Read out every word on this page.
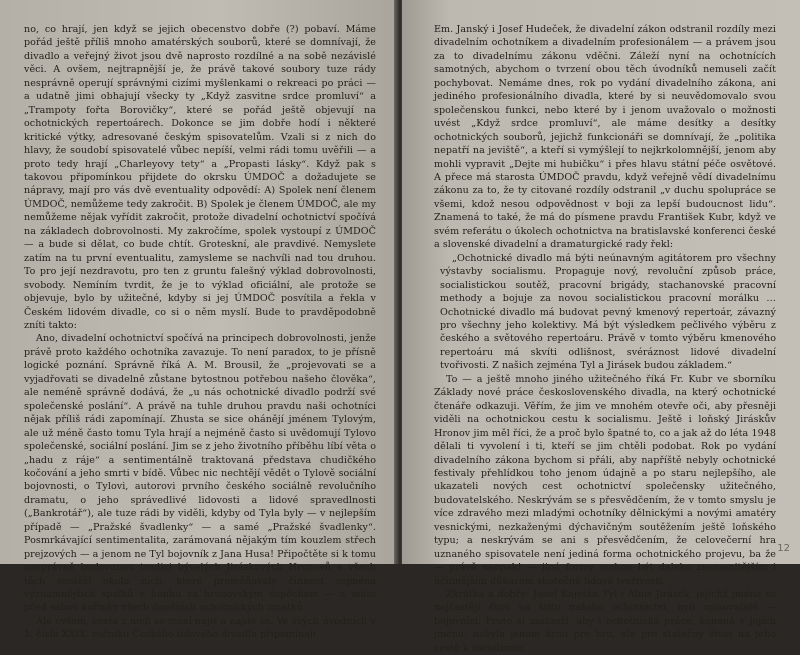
no, co hrají, jen když se jejich obecenstvo dobře (?) pobaví. Máme pořád ještě příliš mnoho amatérských souborů, které se domnívají, že divadlo a veřejný život jsou dvě naprosto rozdílné a na sobě nezávislé věci. A ovšem, nejtrapnější je, že právě takové soubory tuze rády nesprávně operují správnými cizími myšlenkami o rekreaci po práci — a udatně jimi obhajují všecky ty „Když zasvitne srdce promluví“ a „Trampoty fořta Borovičky“, které se pořád ještě objevují na ochotnických repertoárech. Dokonce se jim dobře hodí i některé kritické výtky, adresované českým spisovatelům. Vzali si z nich do hlavy, že soudobí spisovatelé vůbec nepíší, velmi rádi tomu uvěřili — a proto tedy hrají „Charleyovy tety“ a „Propasti lásky“. Když pak s takovou připomínkou přijdete do okrsku ÚMDOČ a dožadujete se nápravy, mají pro vás dvě eventuality odpovědí: A) Spolek není členem ÚMDOČ, nemůžeme tedy zakročit. B) Spolek je členem ÚMDOČ, ale my nemůžeme nějak vyřídit zakročit, protože divadelní ochotnictví spočívá na základech dobrovolnosti. My zakročíme, spolek vystoupí z ÚMDOČ — a bude si dělat, co bude chtít. Groteskní, ale pravdivé. Nemyslete zatím na tu první eventualitu, zamysleme se nachvíli nad tou druhou. To pro její nezdravotu, pro ten z gruntu falešný výklad dobrovolnosti, svobody. Nemíním tvrdit, že je to výklad oficiální, ale protože se objevuje, bylo by užitečné, kdyby si jej ÚMDOČ posvítila a řekla v Českém lidovém divadle, co si o něm myslí. Bude to pravděpodobně zníti takto:

Ano, divadelní ochotnictví spočívá na principech dobrovolnosti, jenže právě proto každého ochotníka zavazuje. To není paradox, to je přísně logické poznání. Správně říká A. M. Brousil, že „projevovati se a vyjadřovati se divadelně zůstane bytostnou potřebou našeho člověka“, ale neméně správně dodává, že „u nás ochotnické divadlo podrží své společenské poslání“. A právě na tuhle druhou pravdu naši ochotníci nějak příliš rádi zapomínají. Zhusta se sice ohánějí jménem Tylovým, ale už méně často tomu Tyla hrají a nejméně často si uvědomují Tylovo společenské, sociální poslání. Jim se z jeho životního příběhu líbí věta o „hadu z ráje“ a sentimentálně traktovaná představa chudičkého kočování a jeho smrti v bídě. Vůbec nic nechtějí vědět o Tylově sociální bojovnosti, o Tylovi, autorovi prvního českého sociálně revolučního dramatu, o jeho správedlivé lidovosti a lidové spravedlnosti („Bankrotář“), ale tuze rádi by viděli, kdyby od Tyla byly — v nejlepším případě — „Pražské švadlenky“ — a samé „Pražské švadlenky“. Posmrkávající sentimentalita, zarámovaná nějakým tím kouzlem střech prejzových — a jenom ne Tyl bojovník z Jana Husa! Připočtěte si k tomu nesprávně budovanou tradici bývalých Jiráskových Hronovů a všech těch soutěží okolo nich, které proměňovaly činnost zejména významnějších spolků v honbu za hronovským úspěchem — a máte před sebou kořínky všech dnešních ochotnických zmatků.

Ale ovšem, cesta z nich se musí najít a najde se. Ve svých úvodních v 1. čísle XXIX. ročníku Českého lidového divadla připomínají

Em. Janský i Josef Hudeček, že divadelní zákon odstranil rozdíly mezi divadelním ochotníkem a divadelním profesionálem — a právem jsou za to divadelnímu zákonu vděčni. Záleží nyní na ochotnících samotných, abychom o tvrzení obou těch úvodníků nemuseli začít pochybovat. Nemáme dnes, rok po vydání divadelního zákona, ani jediného profesionálního divadla, které by si neuvědomovalo svou společenskou funkci, nebo které by i jenom uvažovalo o možnosti uvést „Když srdce promluví“, ale máme desítky a desítky ochotnických souborů, jejichž funkcionáři se domnívají, že „politika nepatří na jeviště“, a kteří si vymýšlejí to nejkrkolomnější, jenom aby mohli vypravit „Dejte mi hubičku“ i přes hlavu státní péče osvětové. A přece má starosta ÚMDOČ pravdu, když veřejně vědí divadelnímu zákonu za to, že ty citované rozdíly odstranil „v duchu spolupráce se všemi, kdož nesou odpovědnost v boji za lepší budoucnost lidu“. Znamená to také, že má do písmene pravdu František Kubr, když ve svém referátu o úkolech ochotnictva na bratislavské konferenci české a slovenské divadelní a dramaturgické rady řekl:

„Ochotnické divadlo má býti neúnavným agitátorem pro všechny výstavby socialismu. Propaguje nový, revoluční způsob práce, socialistickou soutěž, pracovní brigády, stachanovské pracovní methody a bojuje za novou socialistickou pracovní morálku … Ochotnické divadlo má budovat pevný kmenový repertoár, závazný pro všechny jeho kolektivy. Má být výsledkem pečlivého výběru z českého a světového repertoáru. Právě v tomto výběru kmenového repertoáru má skvíti odlišnost, svéráznost lidové divadelní tvořivosti. Z našich zejména Tyl a Jirásek budou základem.“

To — a ještě mnoho jiného užitečného říká Fr. Kubr ve sborníku Základy nové práce československého divadla, na který ochotnické čtenáře odkazuji. Věřím, že jim ve mnohém otevře oči, aby přesněji viděli na ochotnickou cestu k socialismu. Ještě i loňský Jiráskův Hronov jim měl říci, že a proč bylo špatné to, co a jak až do léta 1948 dělali ti vyvolení i ti, kteří se jim chtěli podobat. Rok po vydání divadelního zákona bychom si přáli, aby napříště nebyly ochotnické festivaly přehlídkou toho jenom údajně a po staru nejlepšího, ale ukazateli nových cest ochotnictví společensky užitečného, budovatelského. Neskrývám se s přesvědčením, že v tomto smyslu je více zdravého mezi mladými ochotníky dělnickými a novými amatéry vesnickými, nezkaženými dýchavičným soutěžením ještě loňského typu; a neskrývám se ani s přesvědčením, že celovečerní hra uznaného spisovatele není jediná forma ochotnického projevu, ba že — právě naopak! — jiné formy mohou být daleko znamenitějším i účinnějším důkazem skutečně lidové tvořivosti.

Zkrátka a dobře: Josef Kajetán Tyl i Alois Jirásek, jejichž jména se nejčastěji čtou na štítu našeho ochotnictví, byli spisovatelé — bojovníci. Proto si zaslouží, aby i ochotnická práce, konaná v jejich jménu, nebyla jenom hrou pro hru, ale pro statečný život na jeho cestě k socialismu.

12
